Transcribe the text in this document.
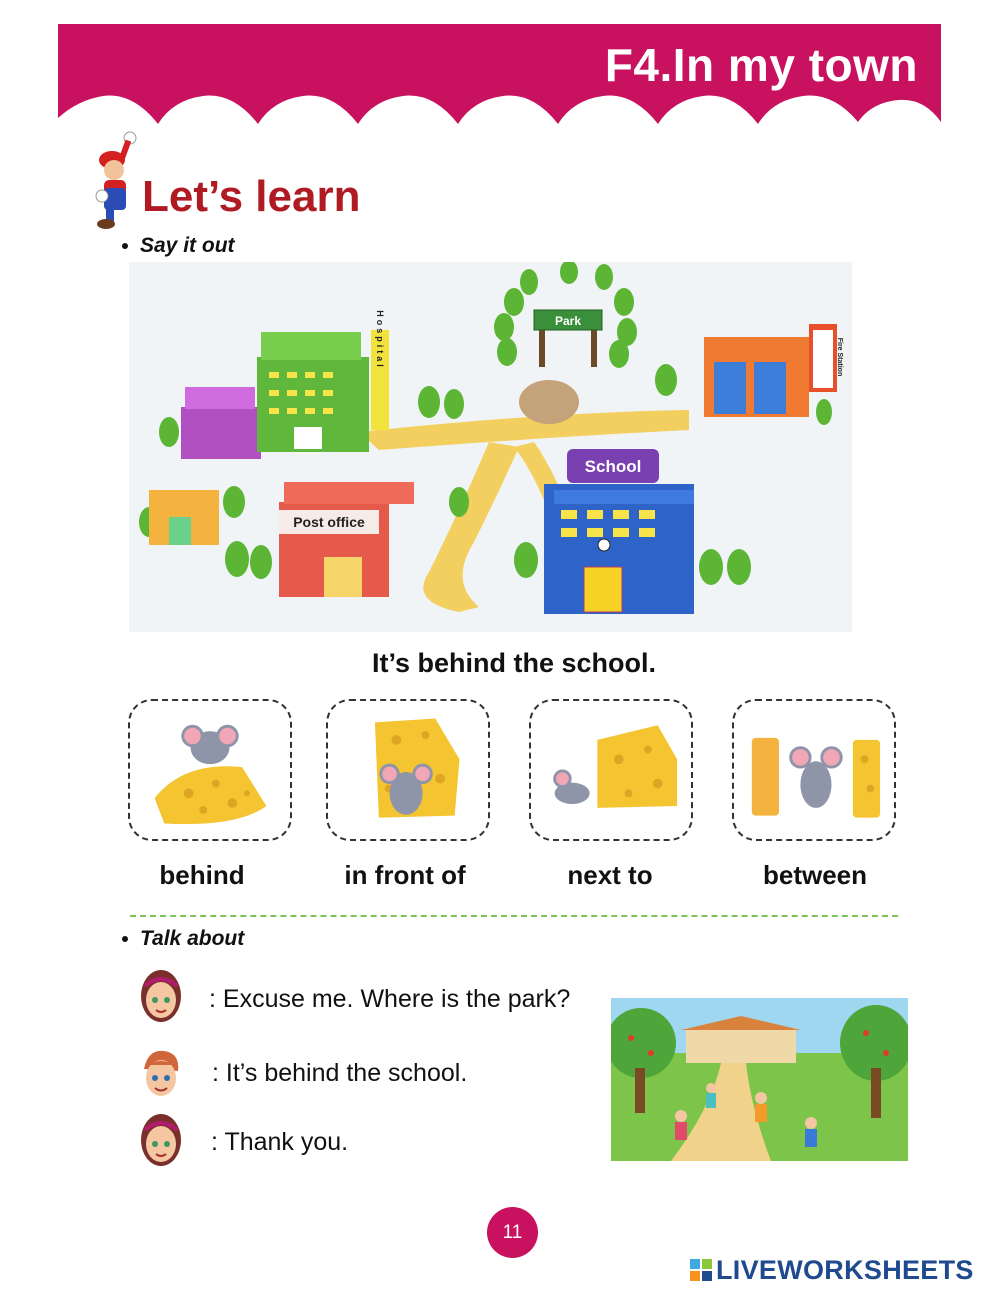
F4.In my town
Let’s learn
Say it out
Park
Hospital	Fire Station
Post office
School
It’s behind the school.
behind	in front of	next to	between
Talk about
: Excuse me. Where is the park?
: It’s behind the school.
: Thank you.
11
LIVEWORKSHEETS
